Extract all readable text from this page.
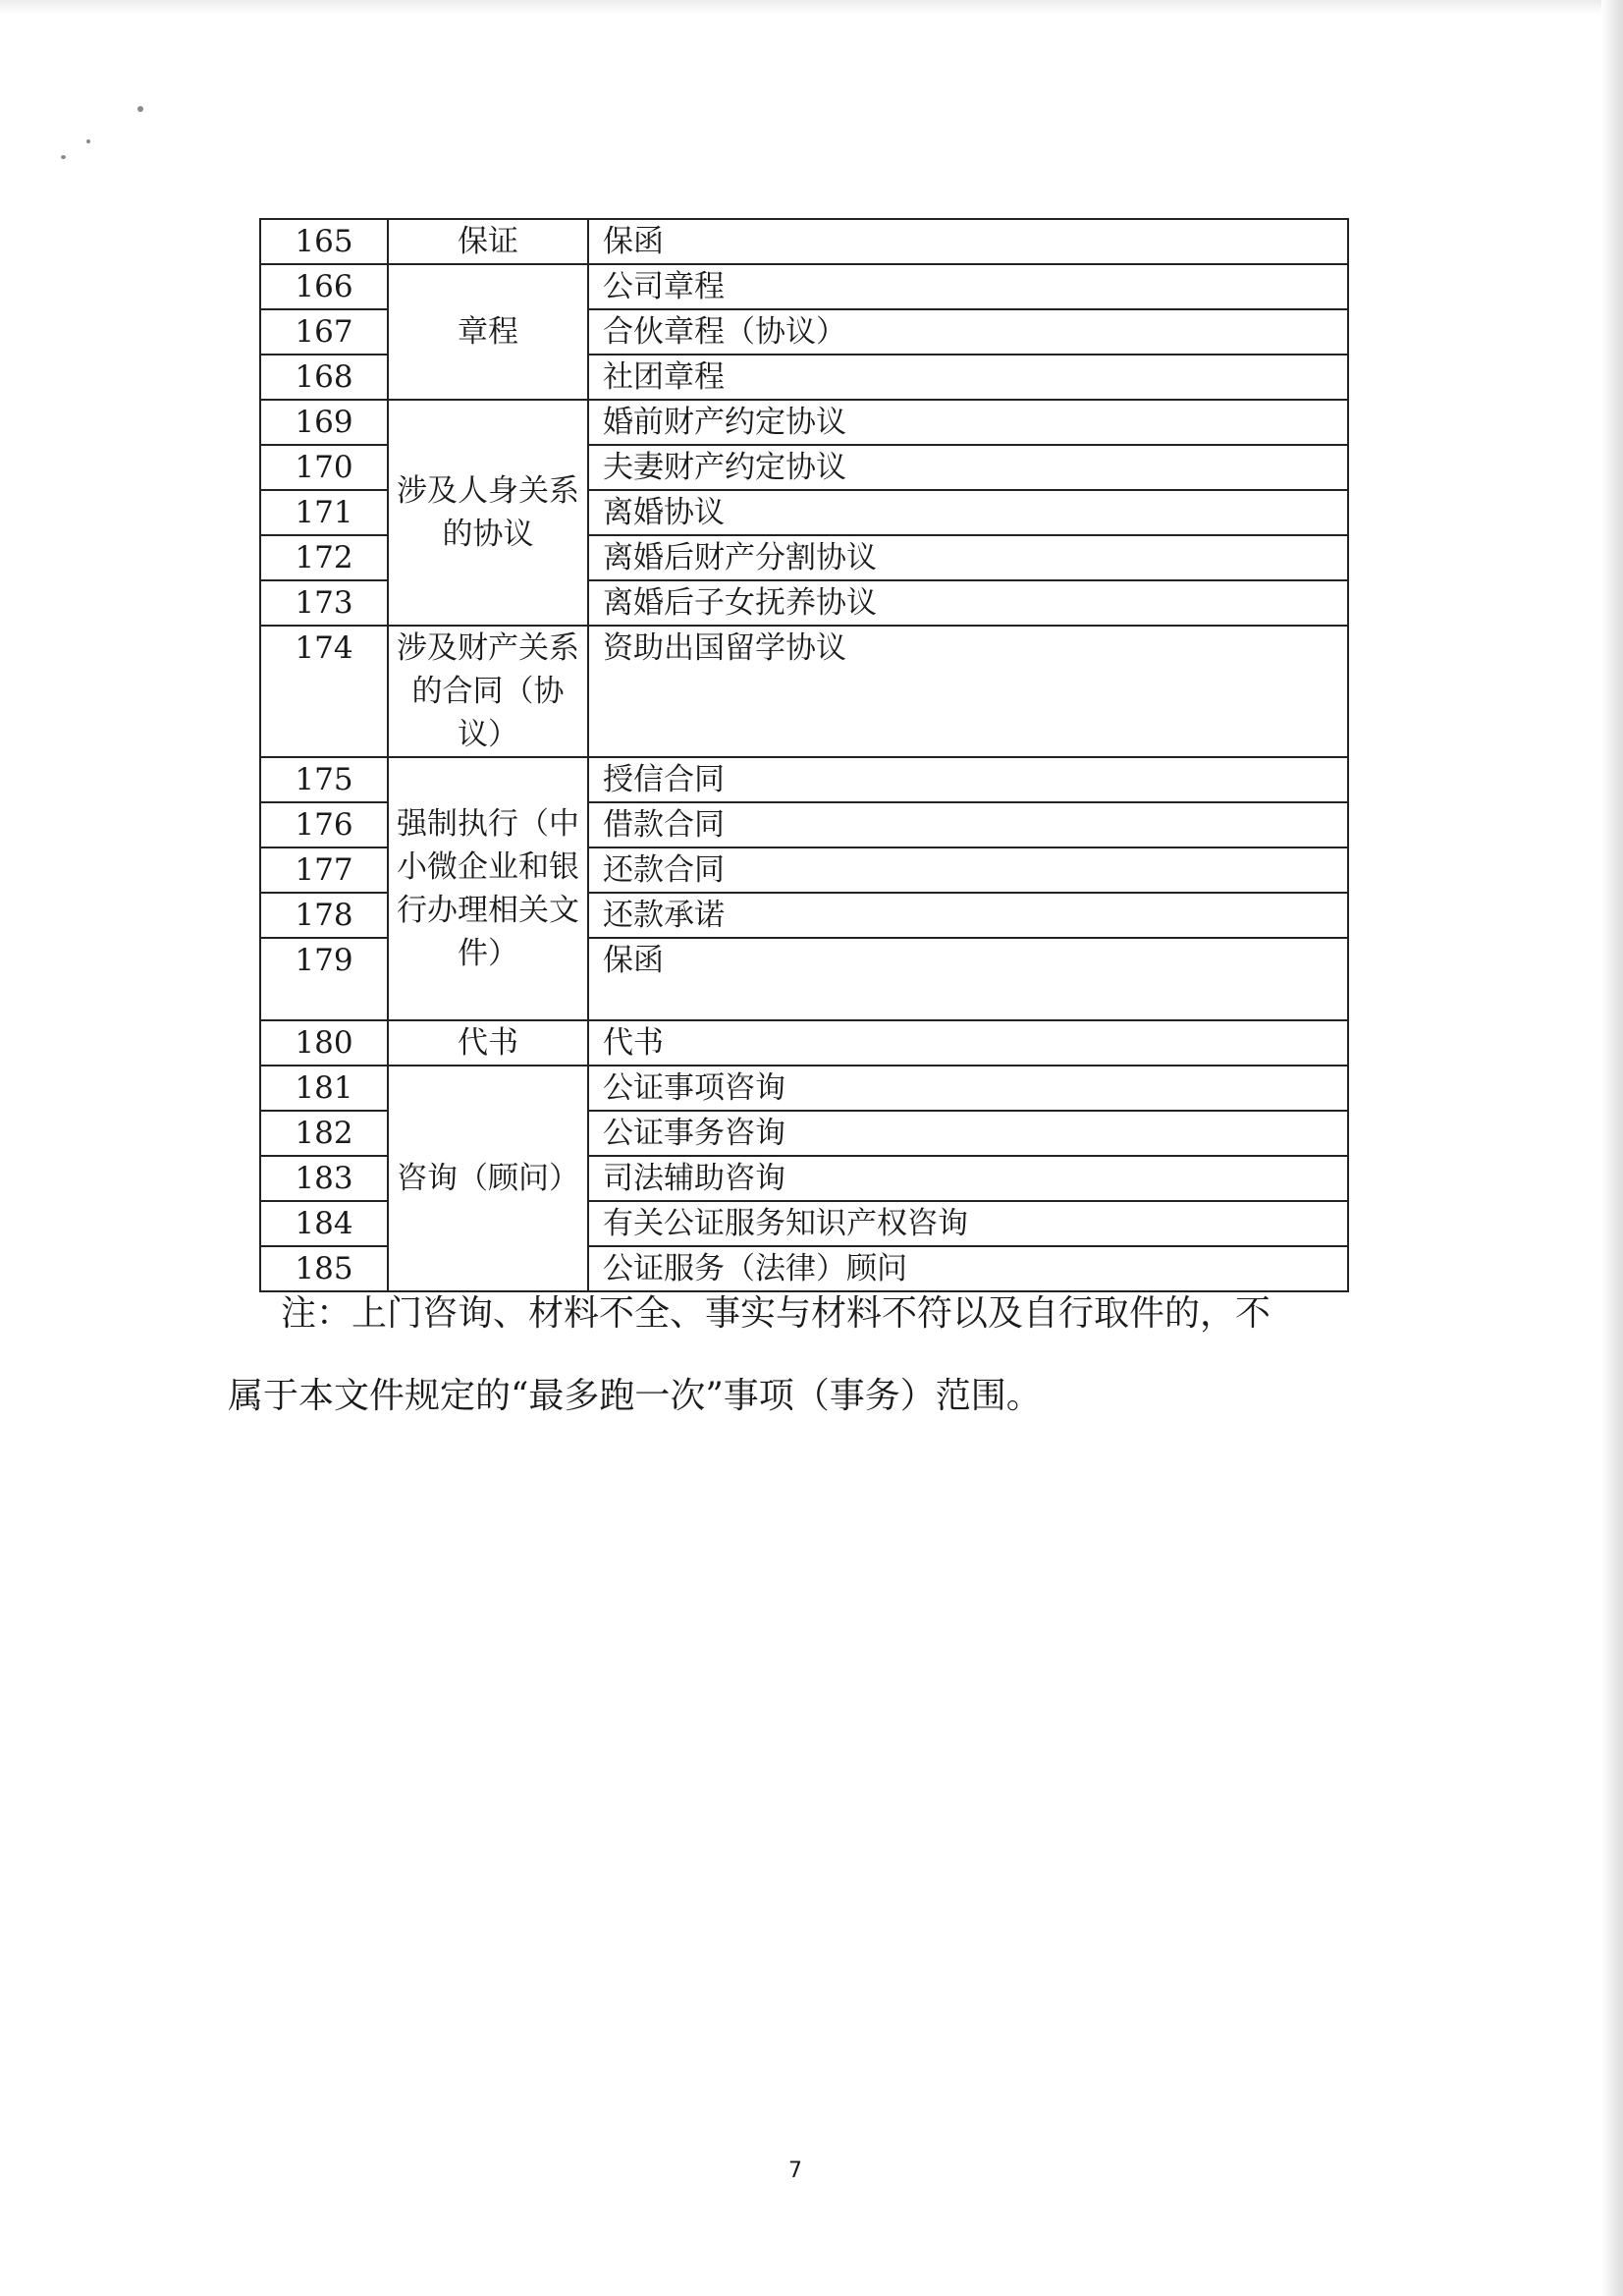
165	保证	保函
166	章程	公司章程
167		合伙章程（协议）
168		社团章程
169	涉及人身关系的协议	婚前财产约定协议
170		夫妻财产约定协议
171		离婚协议
172		离婚后财产分割协议
173		离婚后子女抚养协议
174	涉及财产关系的合同（协议）	资助出国留学协议
175	强制执行（中小微企业和银行办理相关文件）	授信合同
176		借款合同
177		还款合同
178		还款承诺
179		保函
180	代书	代书
181	咨询（顾问）	公证事项咨询
182		公证事务咨询
183		司法辅助咨询
184		有关公证服务知识产权咨询
185		公证服务（法律）顾问

注：上门咨询、材料不全、事实与材料不符以及自行取件的，不

属于本文件规定的“最多跑一次”事项（事务）范围。

7
